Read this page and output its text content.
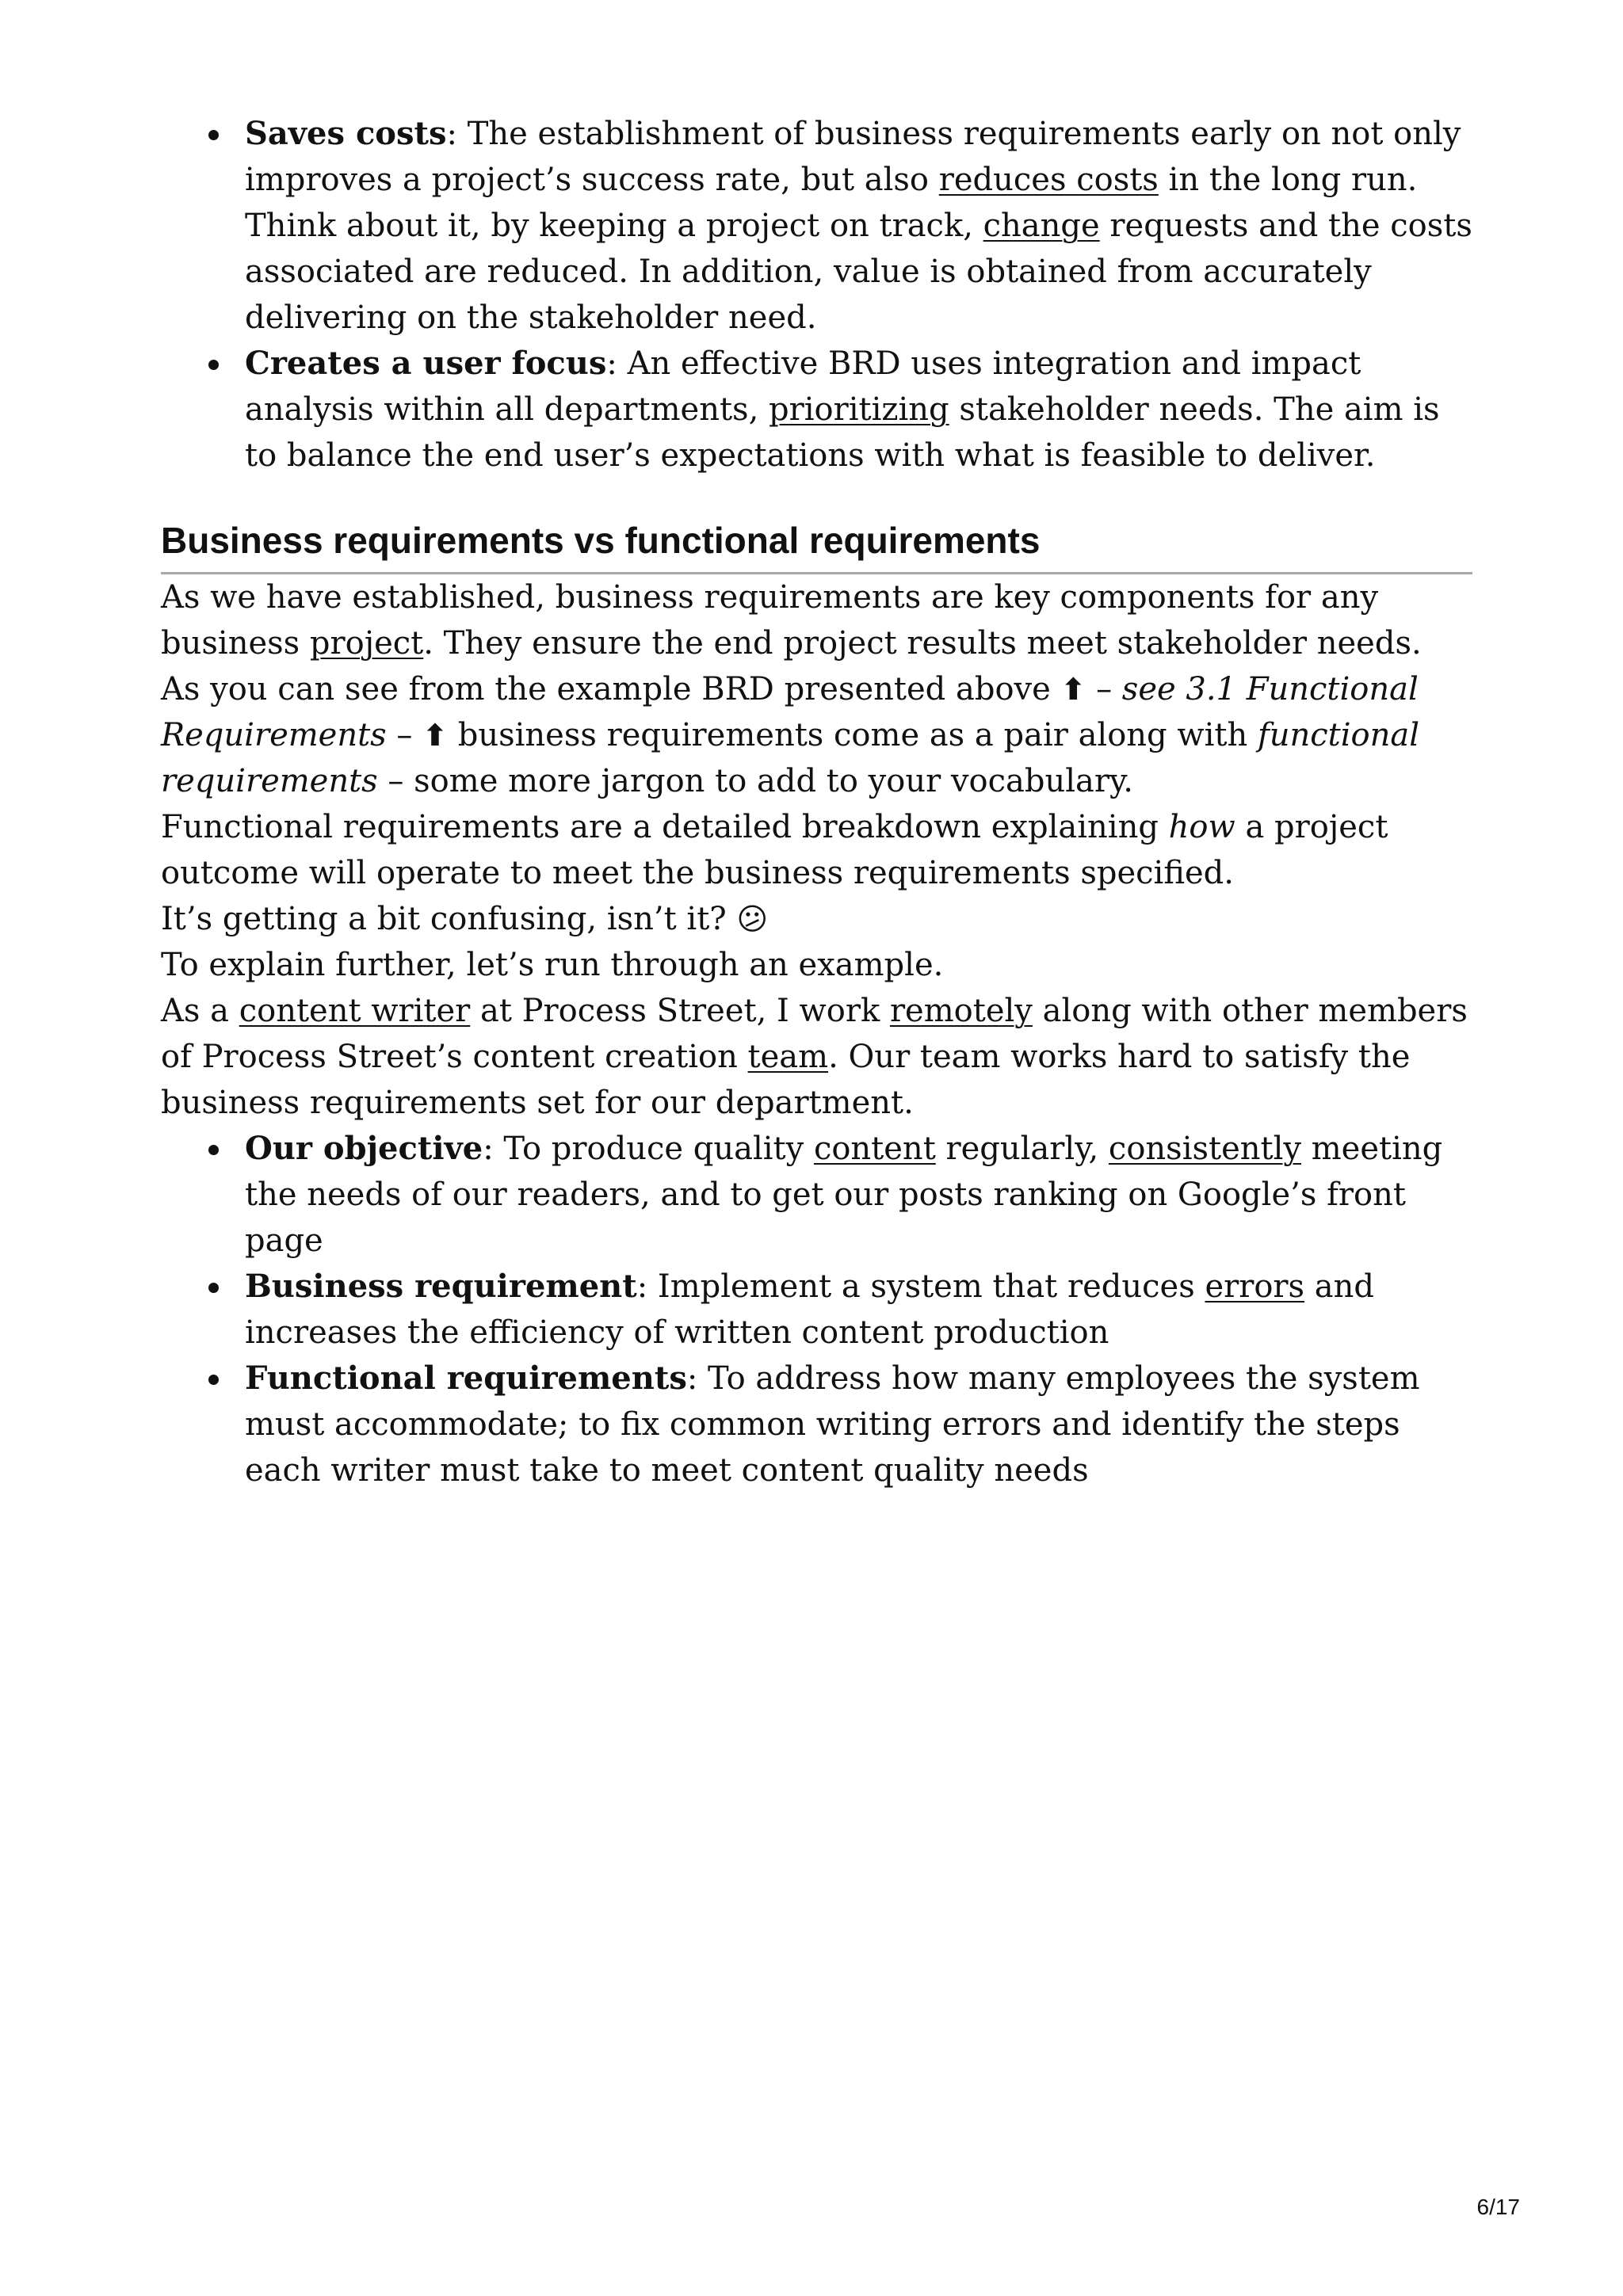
Saves costs: The establishment of business requirements early on not only improves a project’s success rate, but also reduces costs in the long run. Think about it, by keeping a project on track, change requests and the costs associated are reduced. In addition, value is obtained from accurately delivering on the stakeholder need.
Creates a user focus: An effective BRD uses integration and impact analysis within all departments, prioritizing stakeholder needs. The aim is to balance the end user’s expectations with what is feasible to deliver.
Business requirements vs functional requirements

As we have established, business requirements are key components for any business project. They ensure the end project results meet stakeholder needs.

As you can see from the example BRD presented above ⬆ – see 3.1 Functional Requirements – ⬆ business requirements come as a pair along with functional requirements – some more jargon to add to your vocabulary.

Functional requirements are a detailed breakdown explaining how a project outcome will operate to meet the business requirements specified.

It’s getting a bit confusing, isn’t it? 😕

To explain further, let’s run through an example.

As a content writer at Process Street, I work remotely along with other members of Process Street’s content creation team. Our team works hard to satisfy the business requirements set for our department.

Our objective: To produce quality content regularly, consistently meeting the needs of our readers, and to get our posts ranking on Google’s front page
Business requirement: Implement a system that reduces errors and increases the efficiency of written content production
Functional requirements: To address how many employees the system must accommodate; to fix common writing errors and identify the steps each writer must take to meet content quality needs
6/17
